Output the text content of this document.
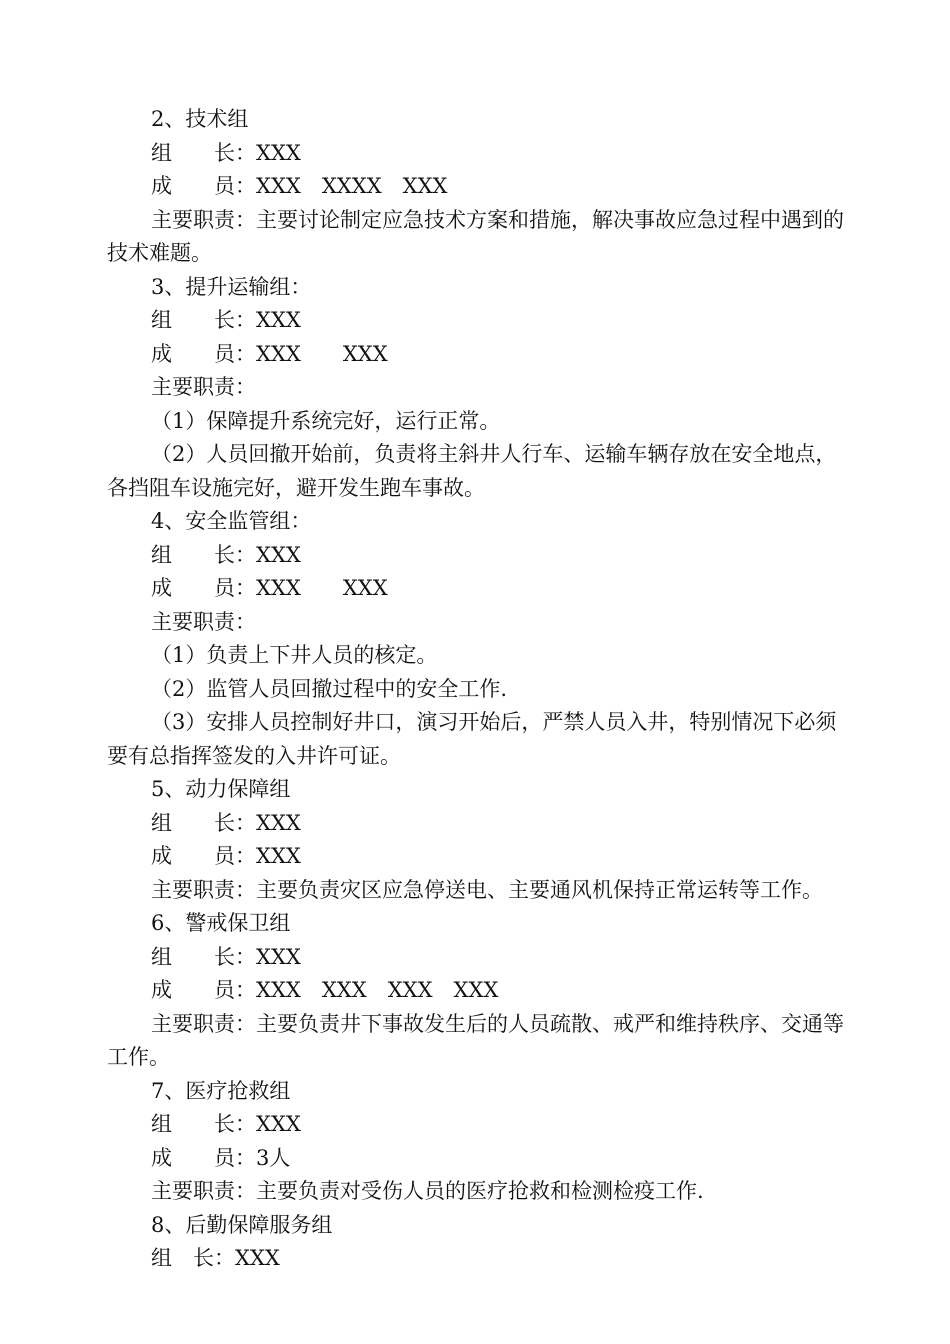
2、技术组
组　　长：XXX
成　　员：XXX　XXXX　XXX
主要职责：主要讨论制定应急技术方案和措施，解决事故应急过程中遇到的
技术难题。
3、提升运输组：
组　　长：XXX
成　　员：XXX　　XXX
主要职责：
（1）保障提升系统完好，运行正常。
（2）人员回撤开始前，负责将主斜井人行车、运输车辆存放在安全地点，
各挡阻车设施完好，避开发生跑车事故。
4、安全监管组：
组　　长：XXX
成　　员：XXX　　XXX
主要职责：
（1）负责上下井人员的核定。
（2）监管人员回撤过程中的安全工作.
（3）安排人员控制好井口，演习开始后，严禁人员入井，特别情况下必须
要有总指挥签发的入井许可证。
5、动力保障组
组　　长：XXX
成　　员：XXX
主要职责：主要负责灾区应急停送电、主要通风机保持正常运转等工作。
6、警戒保卫组
组　　长：XXX
成　　员：XXX　XXX　XXX　XXX
主要职责：主要负责井下事故发生后的人员疏散、戒严和维持秩序、交通等
工作。
7、医疗抢救组
组　　长：XXX
成　　员：3人
主要职责：主要负责对受伤人员的医疗抢救和检测检疫工作.
8、后勤保障服务组
组　长：XXX
